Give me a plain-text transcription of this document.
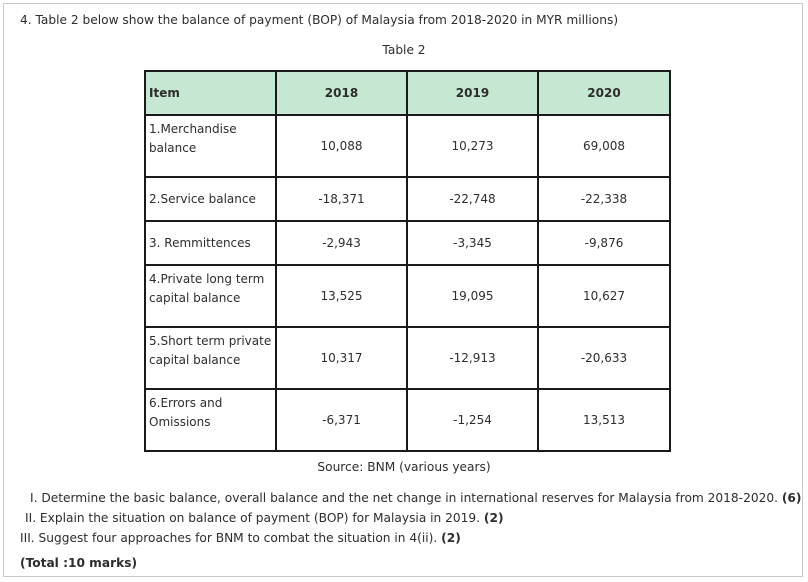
4. Table 2 below show the balance of payment (BOP) of Malaysia from 2018-2020 in MYR millions)
Table 2
Item	2018	2019	2020
1.Merchandise balance	10,088	10,273	69,008
2.Service balance	-18,371	-22,748	-22,338
3. Remmittences	-2,943	-3,345	-9,876
4.Private long term capital balance	13,525	19,095	10,627
5.Short term private capital balance	10,317	-12,913	-20,633
6.Errors and Omissions	-6,371	-1,254	13,513
Source: BNM (various years)
I. Determine the basic balance, overall balance and the net change in international reserves for Malaysia from 2018-2020. (6)
II. Explain the situation on balance of payment (BOP) for Malaysia in 2019. (2)
III. Suggest four approaches for BNM to combat the situation in 4(ii). (2)
(Total :10 marks)
